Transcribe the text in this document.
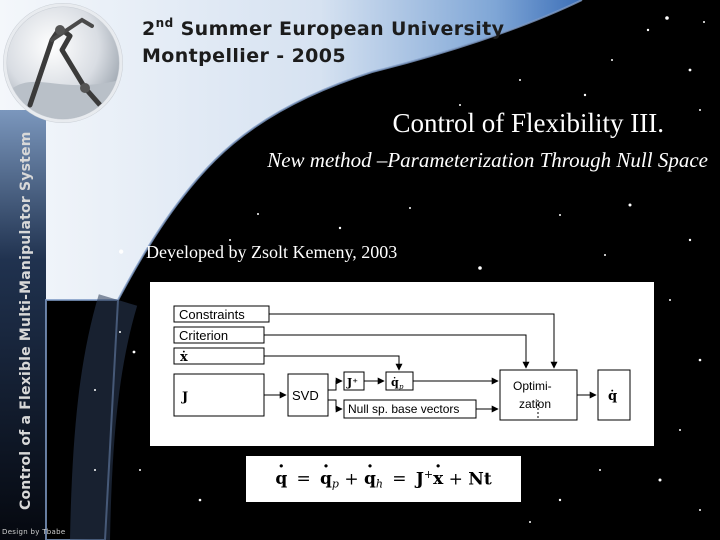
2nd Summer European University
Montpellier - 2005
Control of a Flexible Multi-Manipulator System
Design by Tbabe
Control of Flexibility III.
New method –Parameterization Through Null Space
• Developed by Zsolt Kemeny, 2003
Constraints
Criterion
ẋ
J	SVD
J⁺	q̇ p
Null sp. base vectors
Optimi-
zation	q̇
q · = $q \cdot_p + q \cdot_h = J^+x$ · + Nt
